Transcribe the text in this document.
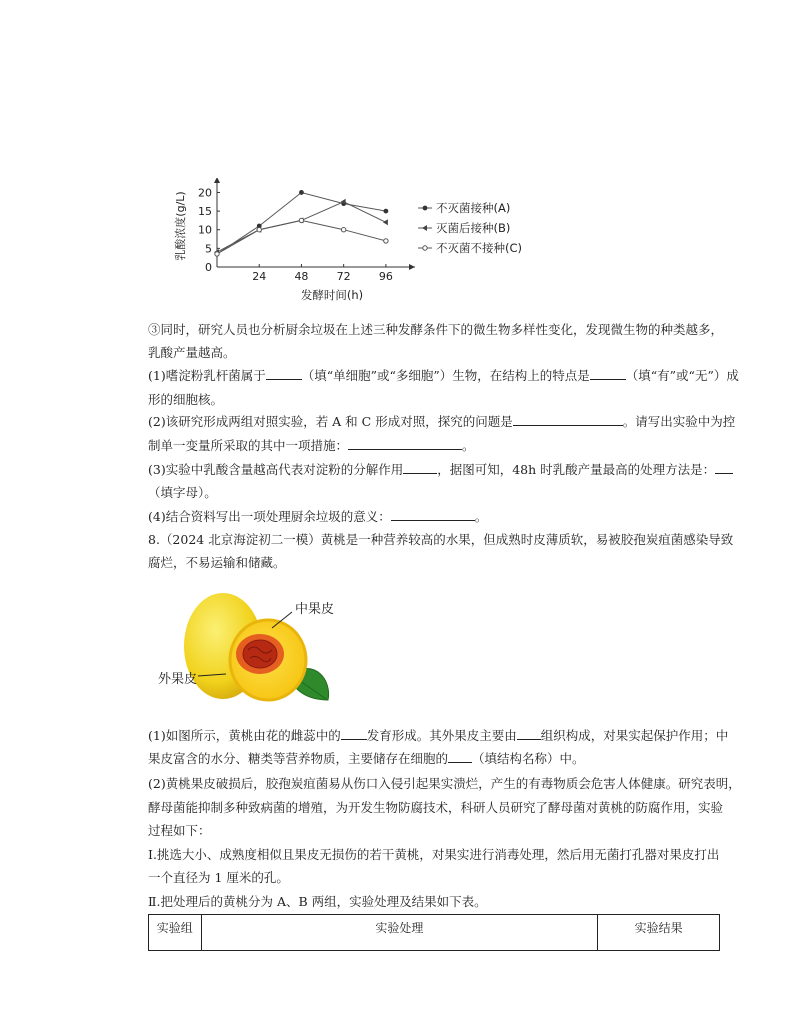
24	48	72	96
0
5
10
15
20
发酵时间(h)
乳酸浓度(g/L)	不灭菌接种(A)
灭菌后接种(B)
不灭菌不接种(C)
③同时，研究人员也分析厨余垃圾在上述三种发酵条件下的微生物多样性变化，发现微生物的种类越多，
乳酸产量越高。
(1)嗜淀粉乳杆菌属于	（填“单细胞”或“多细胞”）生物，在结构上的特点是	（填“有”或“无”）成
形的细胞核。
(2)该研究形成两组对照实验，若 A 和 C 形成对照，探究的问题是	。请写出实验中为控
制单一变量所采取的其中一项措施：	。
(3)实验中乳酸含量越高代表对淀粉的分解作用	，据图可知，48h 时乳酸产量最高的处理方法是：
（填字母）。
(4)结合资料写出一项处理厨余垃圾的意义：	。
8.（2024 北京海淀初二一模）黄桃是一种营养较高的水果，但成熟时皮薄质软，易被胶孢炭疽菌感染导致
腐烂，不易运输和储藏。
中果皮
外果皮
(1)如图所示，黄桃由花的雌蕊中的 发育形成。其外果皮主要由 组织构成，对果实起保护作用；中
果皮富含的水分、糖类等营养物质，主要储存在细胞的 （填结构名称）中。
(2)黄桃果皮破损后，胶孢炭疽菌易从伤口入侵引起果实溃烂，产生的有毒物质会危害人体健康。研究表明，
酵母菌能抑制多种致病菌的增殖，为开发生物防腐技术，科研人员研究了酵母菌对黄桃的防腐作用，实验
过程如下：
Ⅰ.挑选大小、成熟度相似且果皮无损伤的若干黄桃，对果实进行消毒处理，然后用无菌打孔器对果皮打出
一个直径为 1 厘米的孔。
Ⅱ.把处理后的黄桃分为 A、B 两组，实验处理及结果如下表。
实验组	实验处理	实验结果
